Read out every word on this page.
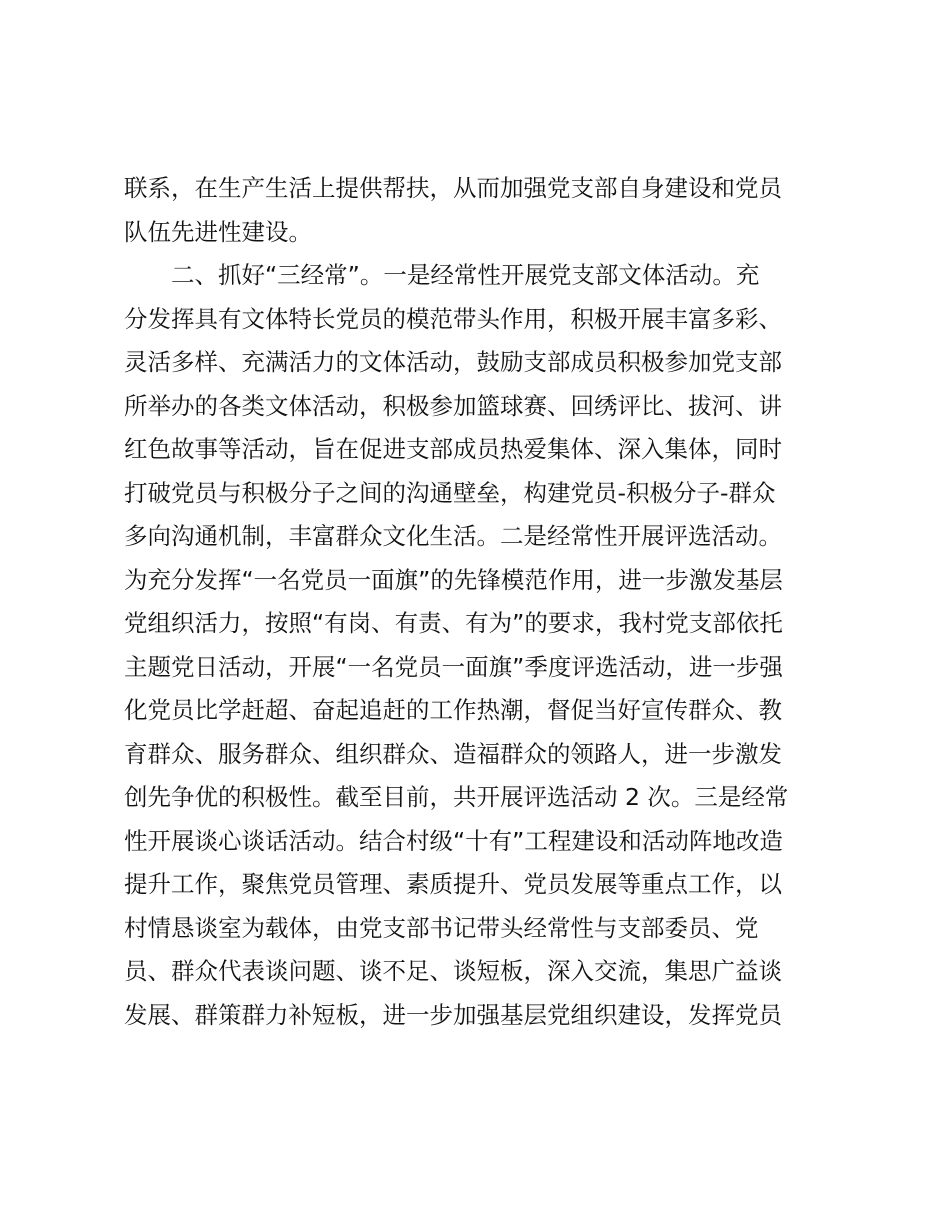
联系，在生产生活上提供帮扶，从而加强党支部自身建设和党员
队伍先进性建设。
　　二、抓好“三经常”。一是经常性开展党支部文体活动。充
分发挥具有文体特长党员的模范带头作用，积极开展丰富多彩、
灵活多样、充满活力的文体活动，鼓励支部成员积极参加党支部
所举办的各类文体活动，积极参加篮球赛、回绣评比、拔河、讲
红色故事等活动，旨在促进支部成员热爱集体、深入集体，同时
打破党员与积极分子之间的沟通壁垒，构建党员-积极分子-群众
多向沟通机制，丰富群众文化生活。二是经常性开展评选活动。
为充分发挥“一名党员一面旗”的先锋模范作用，进一步激发基层
党组织活力，按照“有岗、有责、有为”的要求，我村党支部依托
主题党日活动，开展“一名党员一面旗”季度评选活动，进一步强
化党员比学赶超、奋起追赶的工作热潮，督促当好宣传群众、教
育群众、服务群众、组织群众、造福群众的领路人，进一步激发
创先争优的积极性。截至目前，共开展评选活动 2 次。三是经常
性开展谈心谈话活动。结合村级“十有”工程建设和活动阵地改造
提升工作，聚焦党员管理、素质提升、党员发展等重点工作，以
村情恳谈室为载体，由党支部书记带头经常性与支部委员、党
员、群众代表谈问题、谈不足、谈短板，深入交流，集思广益谈
发展、群策群力补短板，进一步加强基层党组织建设，发挥党员
